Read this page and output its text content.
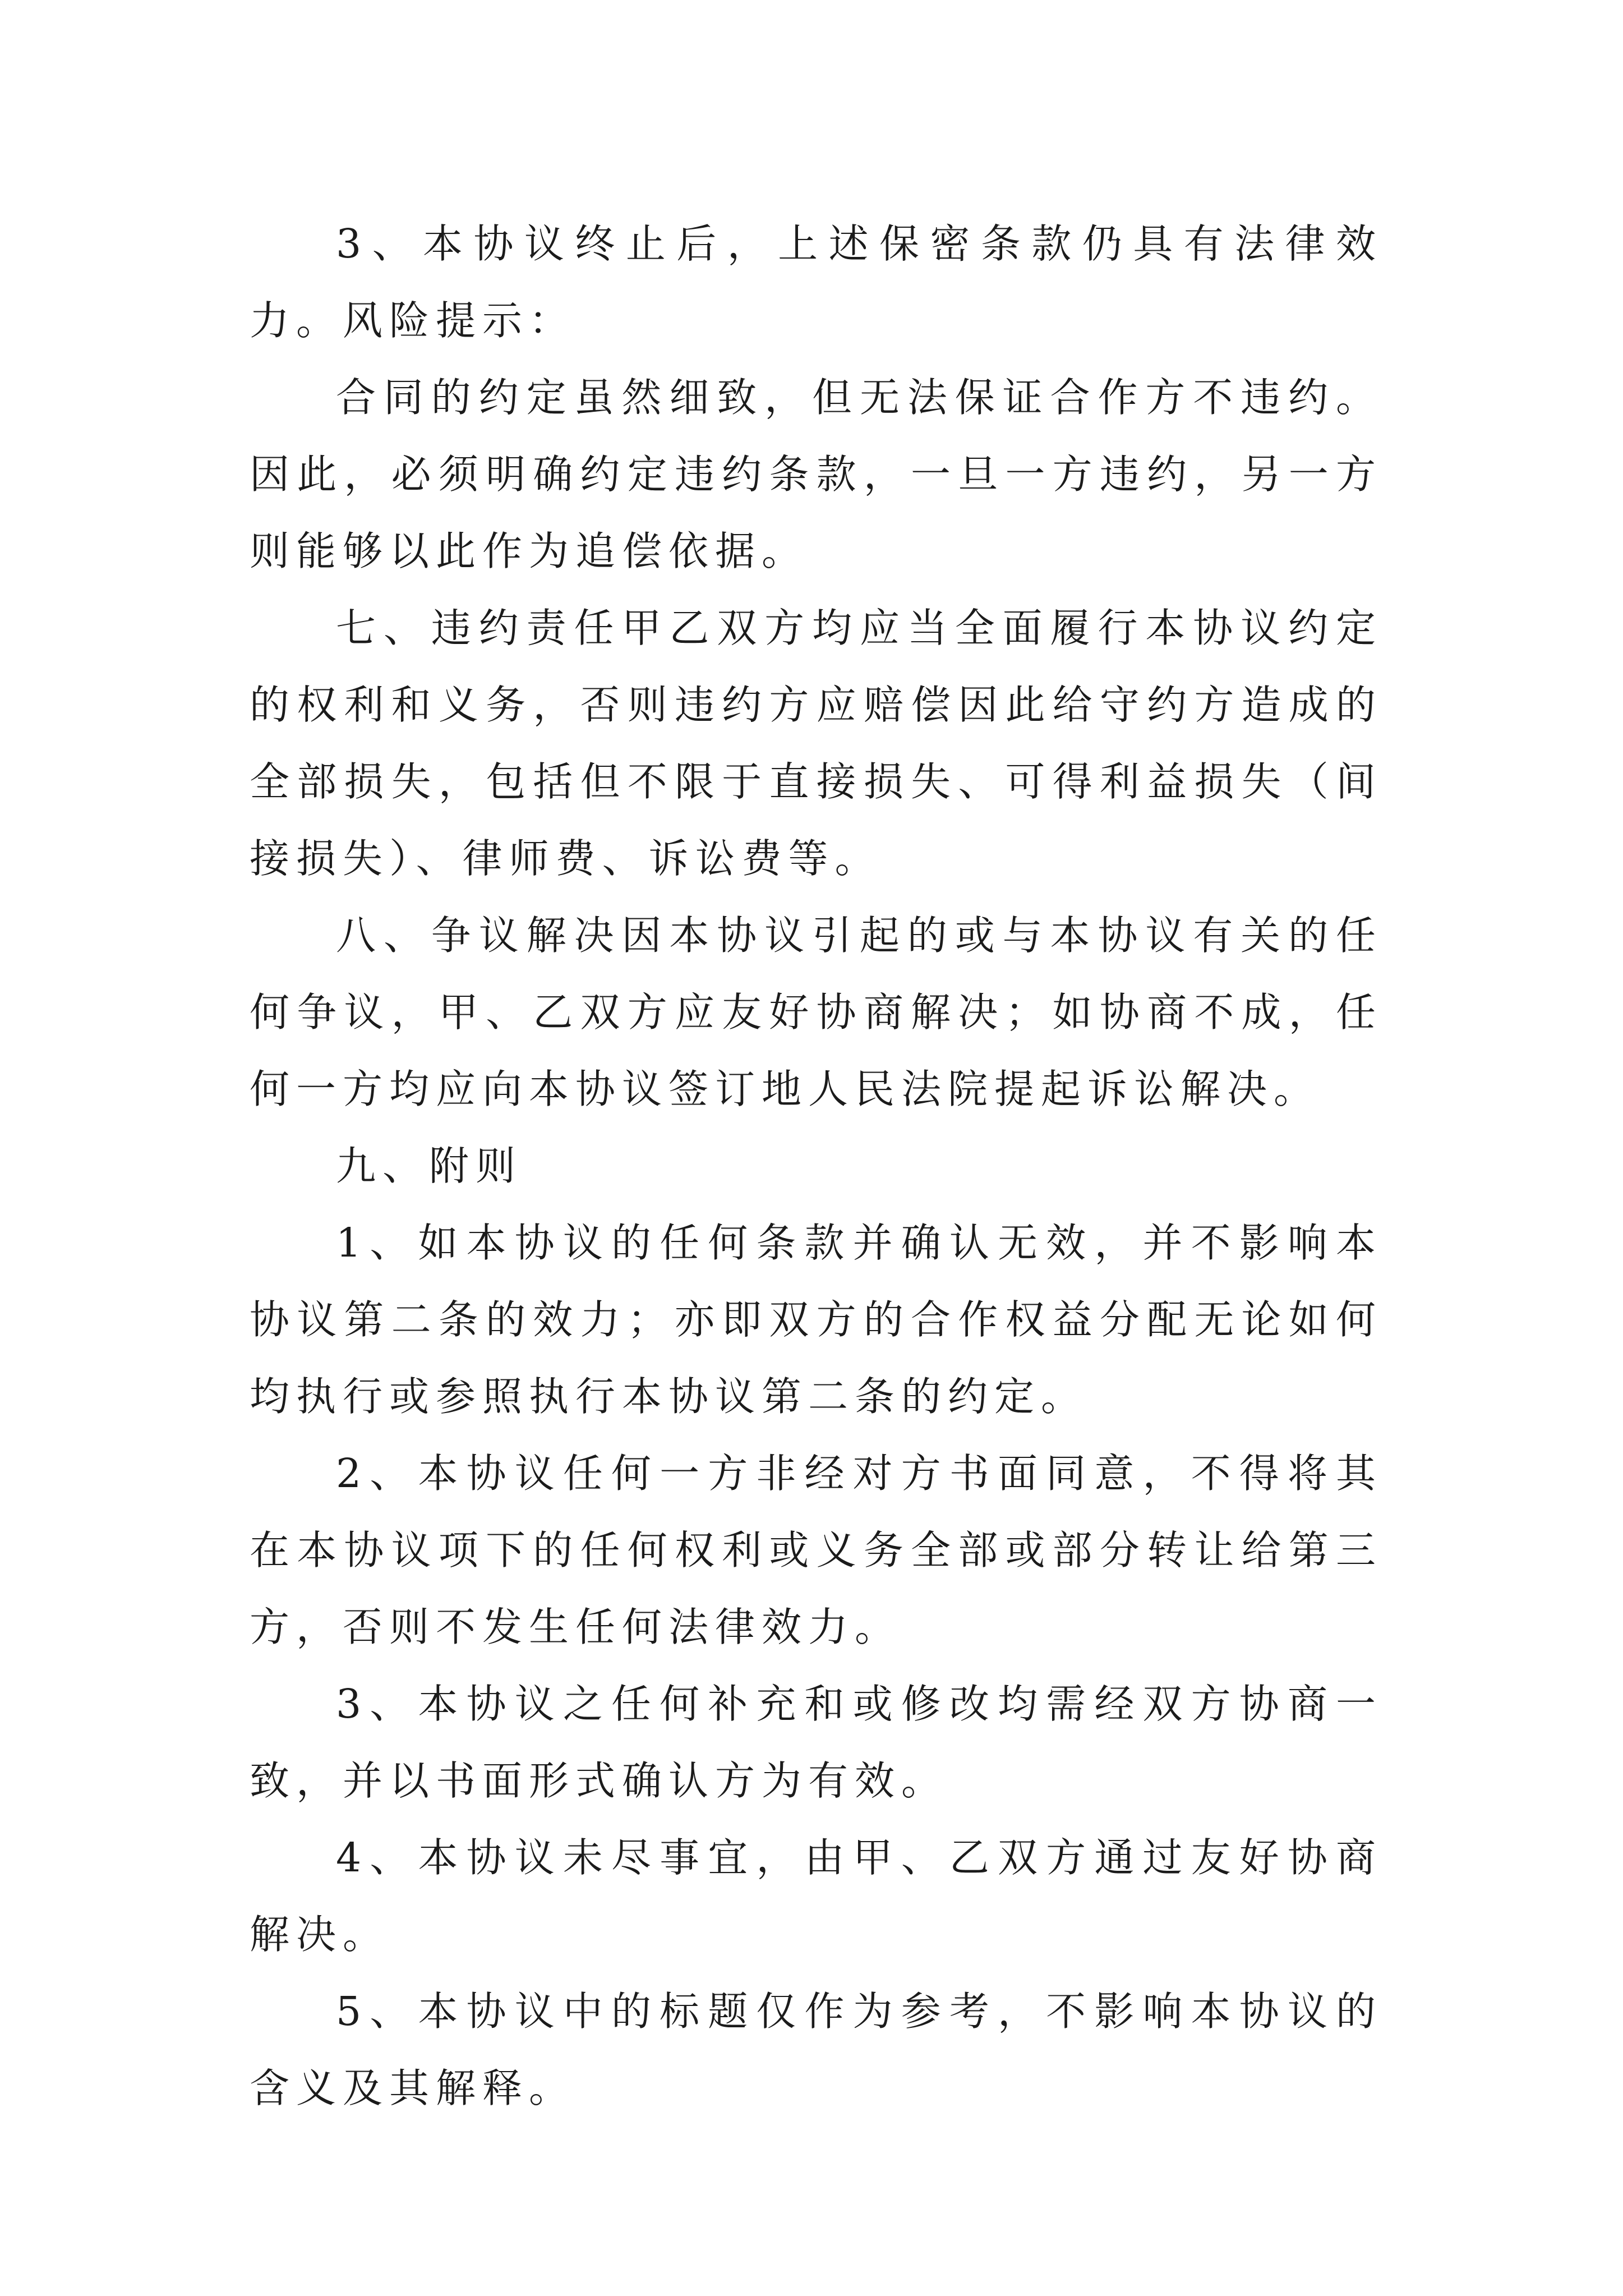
3、本协议终止后，上述保密条款仍具有法律效力。风险提示：

合同的约定虽然细致，但无法保证合作方不违约。因此，必须明确约定违约条款，一旦一方违约，另一方则能够以此作为追偿依据。

七、违约责任甲乙双方均应当全面履行本协议约定的权利和义务，否则违约方应赔偿因此给守约方造成的全部损失，包括但不限于直接损失、可得利益损失（间接损失）、律师费、诉讼费等。

八、争议解决因本协议引起的或与本协议有关的任何争议，甲、乙双方应友好协商解决；如协商不成，任何一方均应向本协议签订地人民法院提起诉讼解决。

九、附则

1、如本协议的任何条款并确认无效，并不影响本协议第二条的效力；亦即双方的合作权益分配无论如何均执行或参照执行本协议第二条的约定。

2、本协议任何一方非经对方书面同意，不得将其在本协议项下的任何权利或义务全部或部分转让给第三方，否则不发生任何法律效力。

3、本协议之任何补充和或修改均需经双方协商一致，并以书面形式确认方为有效。

4、本协议未尽事宜，由甲、乙双方通过友好协商解决。

5、本协议中的标题仅作为参考，不影响本协议的含义及其解释。
